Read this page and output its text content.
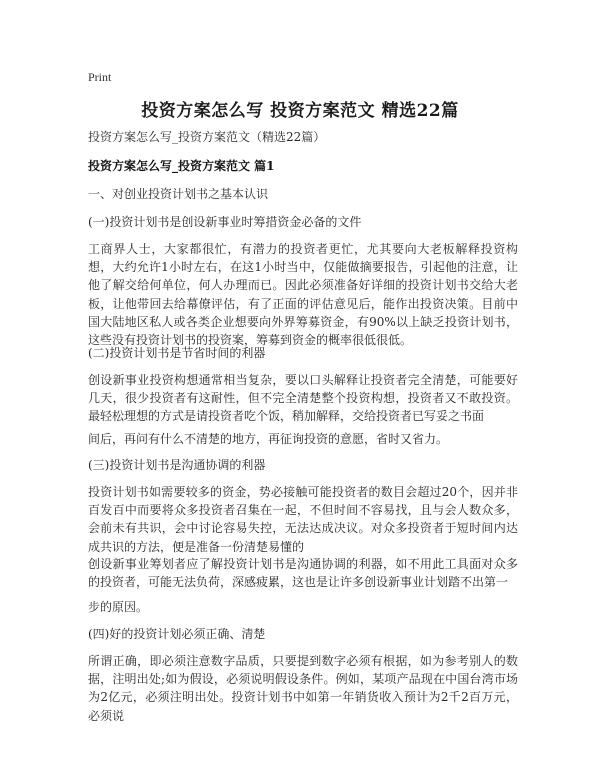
Print
投资方案怎么写 投资方案范文 精选22篇
投资方案怎么写_投资方案范文（精选22篇）
投资方案怎么写_投资方案范文 篇1
一、对创业投资计划书之基本认识
(一)投资计划书是创设新事业时筹措资金必备的文件
工商界人士，大家都很忙，有潜力的投资者更忙，尤其要向大老板解释投资构想，大约允许1小时左右，在这1小时当中，仅能做摘要报告，引起他的注意，让他了解交给何单位，何人办理而已。因此必须准备好详细的投资计划书交给大老板，让他带回去给幕僚评估，有了正面的评估意见后，能作出投资决策。目前中国大陆地区私人或各类企业想要向外界筹募资金，有90%以上缺乏投资计划书，这些没有投资计划书的投资案，筹募到资金的概率很低很低。
(二)投资计划书是节省时间的利器
创设新事业投资构想通常相当复杂，要以口头解释让投资者完全清楚，可能要好几天，很少投资者有这耐性，但不完全清楚整个投资构想，投资者又不敢投资。最轻松理想的方式是请投资者吃个饭，稍加解释，交给投资者已写妥之书面
间后，再问有什么不清楚的地方，再征询投资的意愿，省时又省力。
(三)投资计划书是沟通协调的利器
投资计划书如需要较多的资金，势必接触可能投资者的数目会超过20个，因并非百发百中而要将众多投资者召集在一起，不但时间不容易找，且与会人数众多，会前未有共识，会中讨论容易失控，无法达成决议。对众多投资者于短时间内达成共识的方法，便是准备一份清楚易懂的
创设新事业筹划者应了解投资计划书是沟通协调的利器，如不用此工具面对众多的投资者，可能无法负荷，深感疲累，这也是让许多创设新事业计划踏不出第一
步的原因。
(四)好的投资计划必须正确、清楚
所谓正确，即必须注意数字品质，只要提到数字必须有根据，如为参考别人的数据，注明出处;如为假设，必须说明假设条件。例如，某项产品现在中国台湾市场为2亿元，必须注明出处。投资计划书中如第一年销货收入预计为2千2百万元，必须说
